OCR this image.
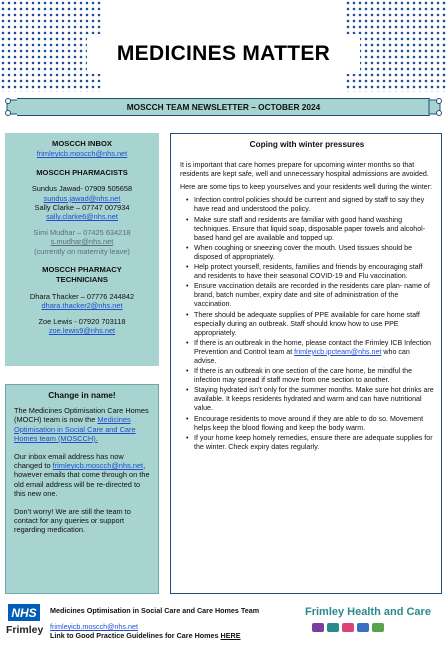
MEDICINES MATTER
MOSCCH TEAM NEWSLETTER – OCTOBER 2024
MOSCCH INBOX
frimleyicb.moscch@nhs.net
MOSCCH PHARMACISTS
Sundus Jawad- 07909 505658
sundus.jawad@nhs.net
Sally Clarke – 07747 007934
sally.clarke6@nhs.net
Simi Mudhar – 07425 634218
s.mudhar@nhs.net
(currently on maternity leave)
MOSCCH PHARMACY
TECHNICIANS
Dhara Thacker – 07776 244842
dhara.thacker2@nhs.net
Zoe Lewis - 07920 703118
zoe.lewis9@nhs.net
Change in name!

The Medicines Optimisation Care Homes (MOCH) team is now the Medicines Optimisation in Social Care and Care Homes team (MOSCCH).

Our inbox email address has now changed to frimleyicb.moscch@nhs.net, however emails that come through on the old email address will be re-directed to this new one.

Don’t worry! We are still the team to contact for any queries or support regarding medication.

Coping with winter pressures

It is important that care homes prepare for upcoming winter months so that residents are kept safe, well and unnecessary hospital admissions are avoided.

Here are some tips to keep yourselves and your residents well during the winter:

• Infection control policies should be current and signed by staff to say they have read and understood the policy.
• Make sure staff and residents are familiar with good hand washing techniques. Ensure that liquid soap, disposable paper towels and alcohol-based hand gel are available and topped up.
• When coughing or sneezing cover the mouth. Used tissues should be disposed of appropriately.
• Help protect yourself, residents, families and friends by encouraging staff and residents to have their seasonal COVID-19 and Flu vaccination.
• Ensure vaccination details are recorded in the residents care plan- name of brand, batch number, expiry date and site of administration of the vaccination.
• There should be adequate supplies of PPE available for care home staff especially during an outbreak. Staff should know how to use PPE appropriately.
• If there is an outbreak in the home, please contact the Frimley ICB Infection Prevention and Control team at frimleyicb.ipcteam@nhs.net who can advise.
• If there is an outbreak in one section of the care home, be mindful the infection may spread if staff move from one section to another.
• Staying hydrated isn’t only for the summer months. Make sure hot drinks are available. It keeps residents hydrated and warm and can have nutritional value.
• Encourage residents to move around if they are able to do so. Movement helps keep the blood flowing and keep the body warm.
• If your home keep homely remedies, ensure there are adequate supplies for the winter. Check expiry dates regularly.
NHS
Frimley
Medicines Optimisation in Social Care and Care Homes Team
frimleyicb.moscch@nhs.net
Link to Good Practice Guidelines for Care Homes HERE
Frimley Health and Care
